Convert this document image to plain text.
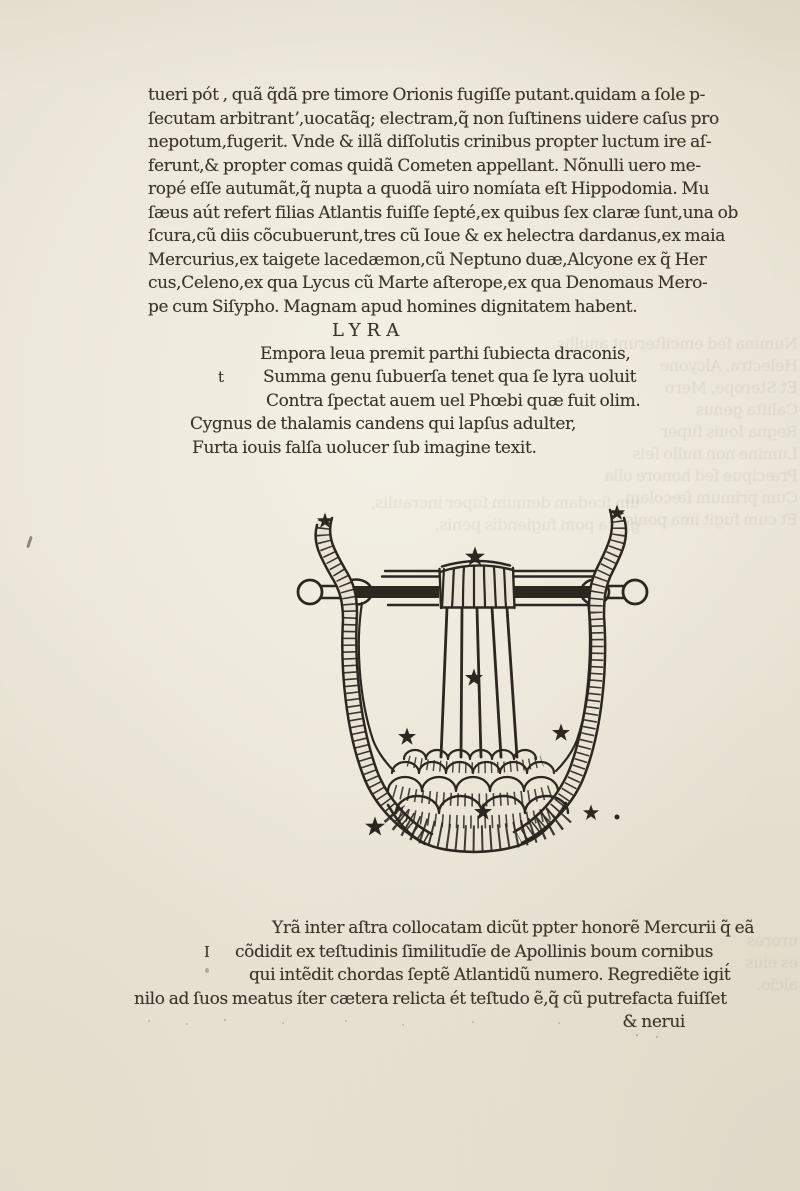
um ſcedam demum ſuper incraulis,
grata pom fugiendis penis,
Numina ſed emciſterunt anullis,
Helectra, Alcyone
Et Sterope, Mero
Caliſta genus
Regna Iouis ſuper
Lumine non nullo ſeis
Præcipue ſed honore olla
Cum primum ſæcolam
Et cum fugit ima ponis
urores
es eius
alcio.
tueri pót , quã q̃dã pre timore Orionis fugiſſe putant.quidam a ſole p-
ſecutam arbitrantʼ,uocatãq; electram,q̃ non ſuſtinens uidere caſus pro
nepotum,fugerit. Vnde & illã diſſolutis crinibus propter luctum ire aſ-
ferunt,& propter comas quidã Cometen appellant. Nõnulli uero me-
ropé eſſe autumãt,q̃ nupta a quodã uiro nomíata eſt Hippodomia. Mu
ſæus aút refert filias Atlantis fuiſſe ſepté,ex quibus ſex claræ ſunt,una ob
ſcura,cũ diis cõcubuerunt,tres cũ Ioue & ex helectra dardanus,ex maia
Mercurius,ex taigete lacedæmon,cũ Neptuno duæ,Alcyone ex q̃ Her
cus,Celeno,ex qua Lycus cũ Marte aſterope,ex qua Denomaus Mero-
pe cum Siſypho. Magnam apud homines dignitatem habent.
LYRA
Empora leua premit parthi ſubiecta draconis,
t Summa genu ſubuerſa tenet qua ſe lyra uoluit
Contra ſpectat auem uel Phœbi quæ fuit olim.
Cygnus de thalamis candens qui lapſus adulter,
Furta iouis falſa uolucer ſub imagine texit.
Yrã inter aſtra collocatam dicũt ppter honorẽ Mercurii q̃ eã
I cõdidit ex teſtudinis ſimilitudĩe de Apollinis boum cornibus
qui intẽdit chordas ſeptẽ Atlantidũ numero. Regrediẽte igit́
nilo ad ſuos meatus íter cætera relicta ét teſtudo ẽ,q̃ cũ putrefacta fuiſſet
& nerui
